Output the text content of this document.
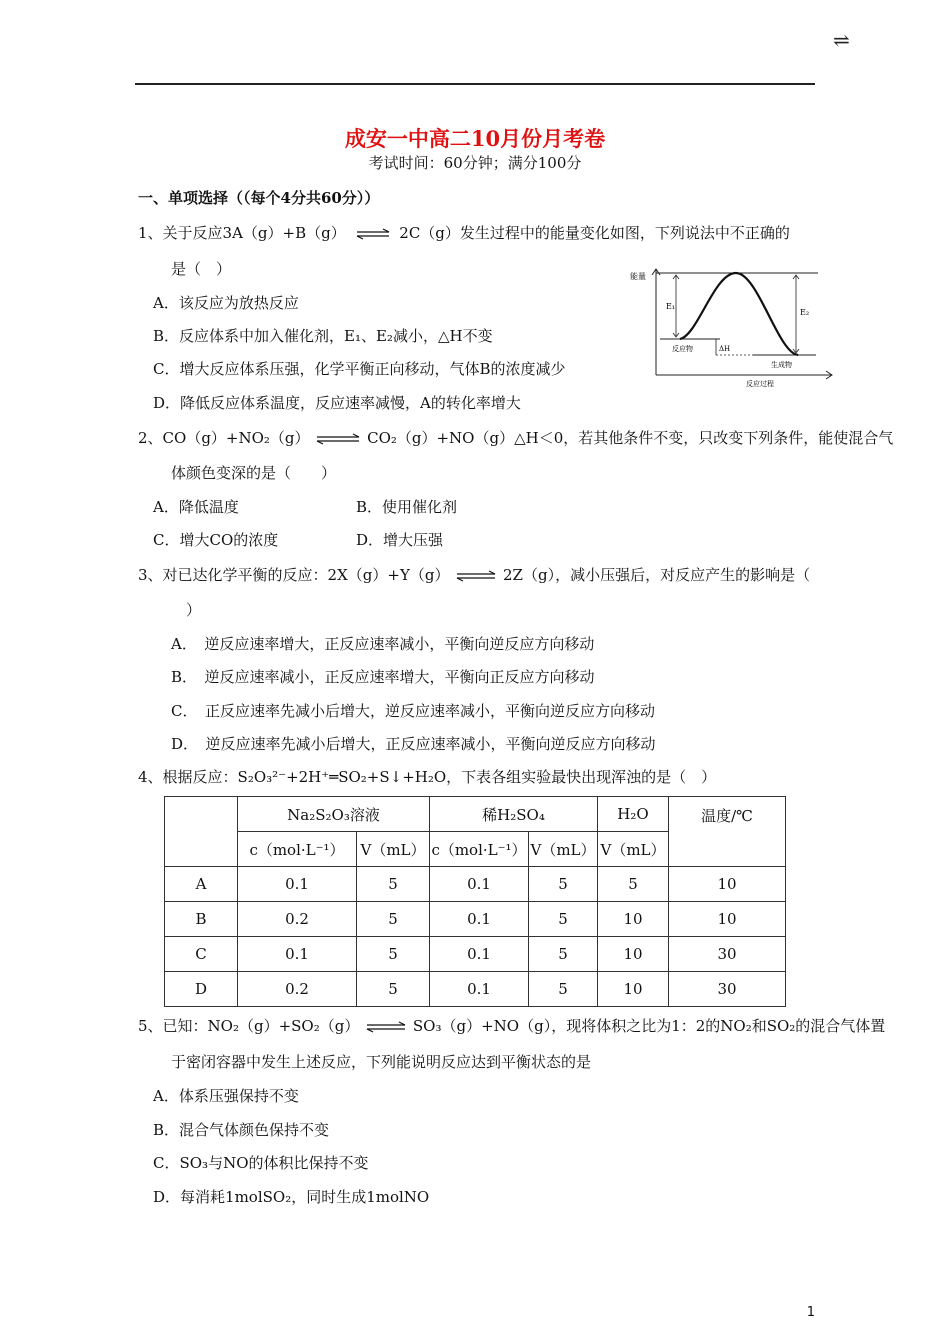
⇌
成安一中高二10月份月考卷
考试时间：60分钟；满分100分
一、单项选择（（每个4分共60分））
1、关于反应3A（g）+B（g） ⇌ 2C（g）发生过程中的能量变化如图，下列说法中不正确的
是（　）
A．该反应为放热反应
B．反应体系中加入催化剂，E₁、E₂减小，△H不变
C．增大反应体系压强，化学平衡正向移动，气体B的浓度减少
D．降低反应体系温度，反应速率减慢，A的转化率增大
能量
E₁
E₂
ΔH
反应物
生成物
反应过程
2、CO（g）+NO₂（g） ⇌ CO₂（g）+NO（g）△H＜0，若其他条件不变，只改变下列条件，能使混合气
体颜色变深的是（　　）
A．降低温度	B．使用催化剂
C．增大CO的浓度	D．增大压强
3、对已达化学平衡的反应：2X（g）+Y（g） ⇌ 2Z（g），减小压强后，对反应产生的影响是（
）
A．　逆反应速率增大，正反应速率减小，平衡向逆反应方向移动
B．　逆反应速率减小，正反应速率增大，平衡向正反应方向移动
C．　正反应速率先减小后增大，逆反应速率减小，平衡向逆反应方向移动
D．　逆反应速率先减小后增大，正反应速率减小，平衡向逆反应方向移动
4、根据反应：S₂O₃²⁻+2H⁺═SO₂+S↓+H₂O，下表各组实验最快出现浑浊的是（　）
	Na₂S₂O₃溶液		稀H₂SO₄		H₂O	温度/℃
	c（mol·L⁻¹）	V（mL）	c（mol·L⁻¹）	V（mL）	V（mL）	
A	0.1	5	0.1	5	5	10
B	0.2	5	0.1	5	10	10
C	0.1	5	0.1	5	10	30
D	0.2	5	0.1	5	10	30
5、已知：NO₂（g）+SO₂（g） ⇌ SO₃（g）+NO（g），现将体积之比为1：2的NO₂和SO₂的混合气体置
于密闭容器中发生上述反应，下列能说明反应达到平衡状态的是
A．体系压强保持不变
B．混合气体颜色保持不变
C．SO₃与NO的体积比保持不变
D．每消耗1molSO₂，同时生成1molNO
1
